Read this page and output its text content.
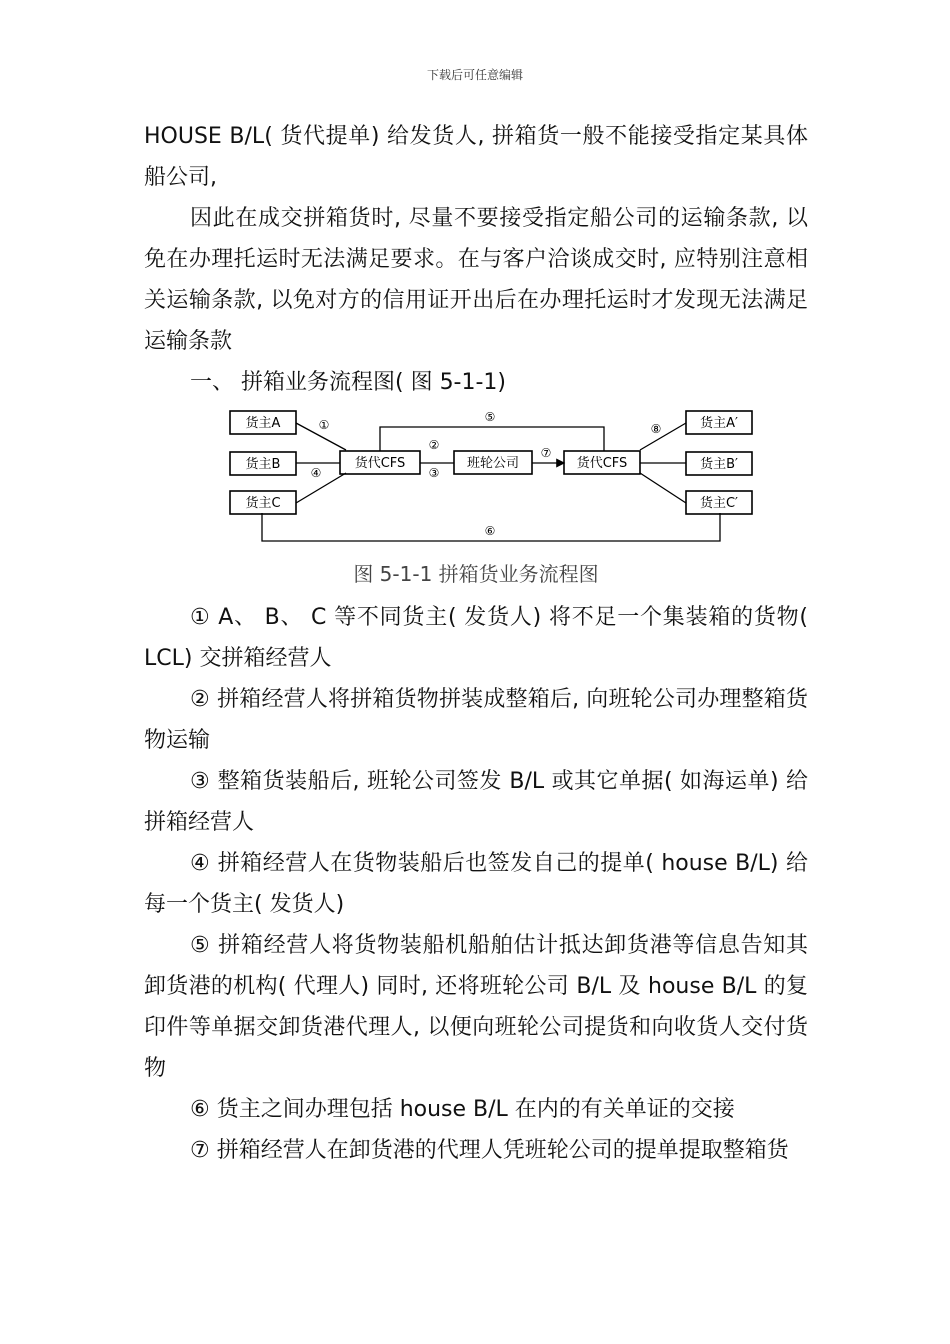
下载后可任意编辑

HOUSE B/L( 货代提单) 给发货人, 拼箱货一般不能接受指定某具体船公司,

因此在成交拼箱货时, 尽量不要接受指定船公司的运输条款, 以免在办理托运时无法满足要求。在与客户洽谈成交时, 应特别注意相关运输条款, 以免对方的信用证开出后在办理托运时才发现无法满足运输条款

一、 拼箱业务流程图( 图 5-1-1)

货主A
货主B
货主C
货代CFS	班轮公司	货代CFS
货主A′
货主B′
货主C′
①
②
③
④
⑤
⑥
⑦
⑧
图 5-1-1 拼箱货业务流程图

① A、 B、 C 等不同货主( 发货人) 将不足一个集装箱的货物( LCL) 交拼箱经营人

② 拼箱经营人将拼箱货物拼装成整箱后, 向班轮公司办理整箱货物运输

③ 整箱货装船后, 班轮公司签发 B/L 或其它单据( 如海运单) 给拼箱经营人

④ 拼箱经营人在货物装船后也签发自己的提单( house B/L) 给每一个货主( 发货人)

⑤ 拼箱经营人将货物装船机船舶估计抵达卸货港等信息告知其卸货港的机构( 代理人) 同时, 还将班轮公司 B/L 及 house B/L 的复印件等单据交卸货港代理人, 以便向班轮公司提货和向收货人交付货物

⑥ 货主之间办理包括 house B/L 在内的有关单证的交接

⑦ 拼箱经营人在卸货港的代理人凭班轮公司的提单提取整箱货
